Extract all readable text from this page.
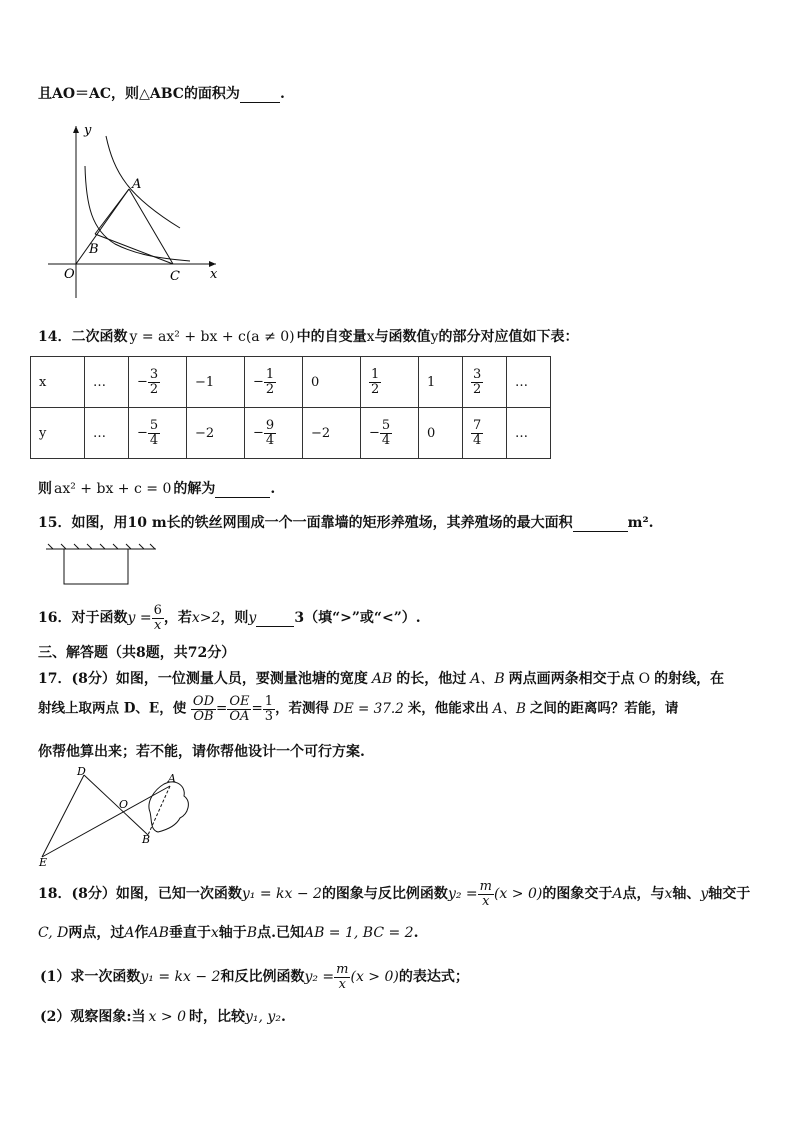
且AO＝AC，则△ABC的面积为	.
y
x
O
A
B
C
14．二次函数 y = ax² + bx + c(a ≠ 0) 中的自变量x与函数值y的部分对应值如下表：
x	…	− $\frac{3}{2}$	−1	− $\frac{1}{2}$	0	$\frac{1}{2}$	1	$\frac{3}{2}$	…
y	…	− $\frac{5}{4}$	−2	− $\frac{9}{4}$	−2	− $\frac{5}{4}$	0	$\frac{7}{4}$	…
则 ax² + bx + c = 0 的解为	.
15．如图，用10 m长的铁丝网围成一个一面靠墙的矩形养殖场，其养殖场的最大面积	m².
16．对于函数$y = \frac{6}{x}$ ，若x>2，则y	3（填“>”或“<”）.
三、解答题（共8题，共72分）
17．(8分）如图，一位测量人员，要测量池塘的宽度 AB 的长，他过 A、B 两点画两条相交于点 O 的射线，在
射线上取两点 D、E，使 $\frac{OD}{OB} = \frac{OE}{OA} = \frac{1}{3}$ ，若测得 DE = 37.2 米，他能求出 A、B 之间的距离吗？若能，请
你帮他算出来；若不能，请你帮他设计一个可行方案.
D
A
O
B
E
18．(8分）如图，已知一次函数y₁ = kx − 2的图象与反比例函数$y_2 = \frac{m}{x} (x > 0)$的图象交于A点，与x轴、y轴交于
C, D两点，过A作AB垂直于x轴于B点.已知AB = 1, BC = 2.
(1）求一次函数y₁ = kx − 2和反比例函数$y_2 = \frac{m}{x} (x > 0)$的表达式；
(2）观察图象:当 x > 0 时，比较y₁, y₂.
